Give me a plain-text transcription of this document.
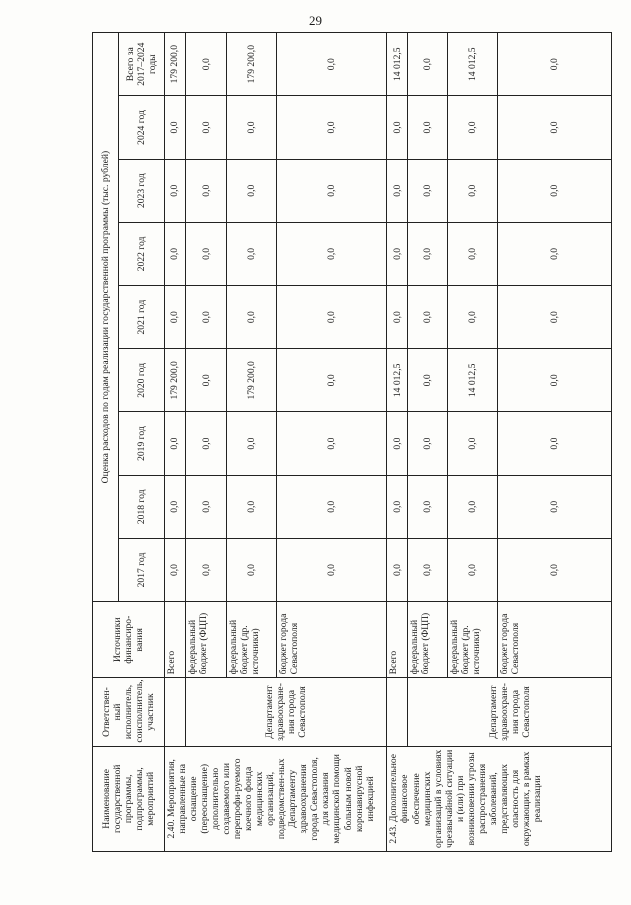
29
Наименование государственной программы, подпрограммы, мероприятий	Ответствен-ный исполнитель, соисполнитель, участник	Источники финансиро-вания	Оценка расходов по годам реализации государственной программы (тыс. рублей)								
			2017 год	2018 год	2019 год	2020 год	2021 год	2022 год	2023 год	2024 год	Всего за 2017–2024 годы
2.40. Мероприятия, направленные на оснащение (переоснащение) дополнительно создаваемого или перепрофи-руемого коечного фонда медицинских организаций, подведомствен-ных Департаменту здравоохранения города Севастополя, для оказания медицинской помощи больным новой коронавирусной инфекцией		Всего	0,0	0,0	0,0	179 200,0	0,0	0,0	0,0	0,0	179 200,0
	Департамент здравоохране-ния города Севастополя	федеральный бюджет (ФЦП)	0,0	0,0	0,0	0,0	0,0	0,0	0,0	0,0	0,0
		федеральный бюджет (др. источники)	0,0	0,0	0,0	179 200,0	0,0	0,0	0,0	0,0	179 200,0
		бюджет города Севастополя	0,0	0,0	0,0	0,0	0,0	0,0	0,0	0,0	0,0
2.43. Дополнительное финансовое обеспечение медицинских организаций в условиях чрезвычайной ситуации и (или) при возникновении угрозы распространения заболеваний, представляющих опасность для окружающих, в рамках реализации		Всего	0,0	0,0	0,0	14 012,5	0,0	0,0	0,0	0,0	14 012,5
	Департамент здравоохране-ния города Севастополя	федеральный бюджет (ФЦП)	0,0	0,0	0,0	0,0	0,0	0,0	0,0	0,0	0,0
		федеральный бюджет (др. источники)	0,0	0,0	0,0	14 012,5	0,0	0,0	0,0	0,0	14 012,5
		бюджет города Севастополя	0,0	0,0	0,0	0,0	0,0	0,0	0,0	0,0	0,0
